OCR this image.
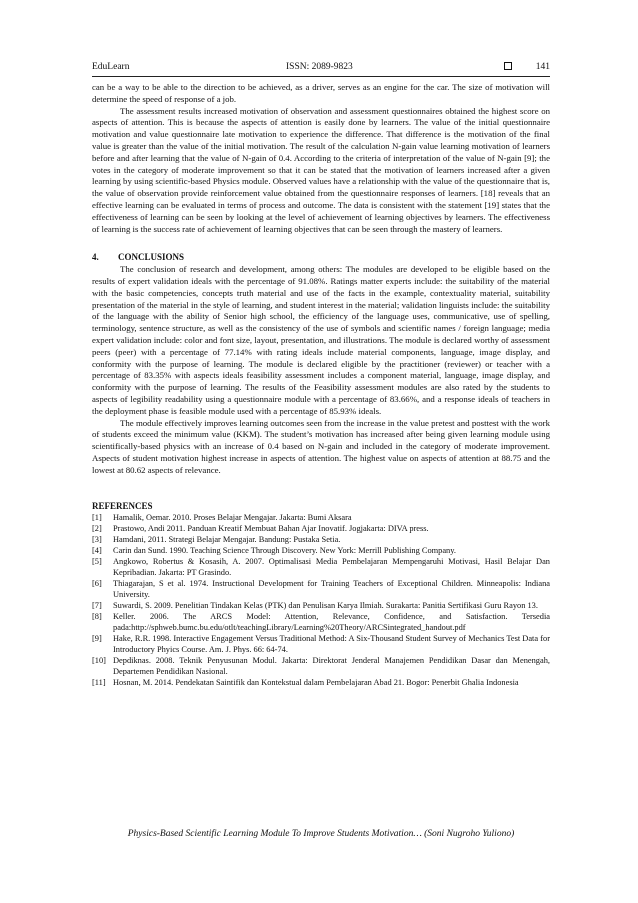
EduLearn	ISSN: 2089-9823	141

can be a way to be able to the direction to be achieved, as a driver, serves as an engine for the car. The size of motivation will determine the speed of response of a job.

The assessment results increased motivation of observation and assessment questionnaires obtained the highest score on aspects of attention. This is because the aspects of attention is easily done by learners. The value of the initial questionnaire motivation and value questionnaire late motivation to experience the difference. That difference is the motivation of the final value is greater than the value of the initial motivation. The result of the calculation N-gain value learning motivation of learners before and after learning that the value of N-gain of 0.4. According to the criteria of interpretation of the value of N-gain [9]; the votes in the category of moderate improvement so that it can be stated that the motivation of learners increased after a given learning by using scientific-based Physics module. Observed values have a relationship with the value of the questionnaire that is, the value of observation provide reinforcement value obtained from the questionnaire responses of learners. [18] reveals that an effective learning can be evaluated in terms of process and outcome. The data is consistent with the statement [19] states that the effectiveness of learning can be seen by looking at the level of achievement of learning objectives by learners. The effectiveness of learning is the success rate of achievement of learning objectives that can be seen through the mastery of learners.

4. CONCLUSIONS

The conclusion of research and development, among others: The modules are developed to be eligible based on the results of expert validation ideals with the percentage of 91.08%. Ratings matter experts include: the suitability of the material with the basic competencies, concepts truth material and use of the facts in the example, contextuality material, suitability presentation of the material in the style of learning, and student interest in the material; validation linguists include: the suitability of the language with the ability of Senior high school, the efficiency of the language uses, communicative, use of spelling, terminology, sentence structure, as well as the consistency of the use of symbols and scientific names / foreign language; media expert validation include: color and font size, layout, presentation, and illustrations. The module is declared worthy of assessment peers (peer) with a percentage of 77.14% with rating ideals include material components, language, image display, and conformity with the purpose of learning. The module is declared eligible by the practitioner (reviewer) or teacher with a percentage of 83.35% with aspects ideals feasibility assessment includes a component material, language, image display, and conformity with the purpose of learning. The results of the Feasibility assessment modules are also rated by the students to aspects of legibility readability using a questionnaire module with a percentage of 83.66%, and a response ideals of teachers in the deployment phase is feasible module used with a percentage of 85.93% ideals.

The module effectively improves learning outcomes seen from the increase in the value pretest and posttest with the work of students exceed the minimum value (KKM). The student’s motivation has increased after being given learning module using scientifically-based physics with an increase of 0.4 based on N-gain and included in the category of moderate improvement. Aspects of student motivation highest increase in aspects of attention. The highest value on aspects of attention at 88.75 and the lowest at 80.62 aspects of relevance.

REFERENCES
[1] Hamalik, Oemar. 2010. Proses Belajar Mengajar. Jakarta: Bumi Aksara
[2] Prastowo, Andi 2011. Panduan Kreatif Membuat Bahan Ajar Inovatif. Jogjakarta: DIVA press.
[3] Hamdani, 2011. Strategi Belajar Mengajar. Bandung: Pustaka Setia.
[4] Carin dan Sund. 1990. Teaching Science Through Discovery. New York: Merrill Publishing Company.
[5] Angkowo, Robertus & Kosasih, A. 2007. Optimalisasi Media Pembelajaran Mempengaruhi Motivasi, Hasil Belajar Dan Kepribadian. Jakarta: PT Grasindo.
[6] Thiagarajan, S et al. 1974. Instructional Development for Training Teachers of Exceptional Children. Minneapolis: Indiana University.
[7] Suwardi, S. 2009. Penelitian Tindakan Kelas (PTK) dan Penulisan Karya Ilmiah. Surakarta: Panitia Sertifikasi Guru Rayon 13.
[8] Keller. 2006. The ARCS Model: Attention, Relevance, Confidence, and Satisfaction. Tersedia pada:http://sphweb.bumc.bu.edu/otlt/teachingLibrary/Learning%20Theory/ARCSintegrated_handout.pdf
[9] Hake, R.R. 1998. Interactive Engagement Versus Traditional Method: A Six-Thousand Student Survey of Mechanics Test Data for Introductory Phyics Course. Am. J. Phys. 66: 64-74.
[10] Depdiknas. 2008. Teknik Penyusunan Modul. Jakarta: Direktorat Jenderal Manajemen Pendidikan Dasar dan Menengah, Departemen Pendidikan Nasional.
[11] Hosnan, M. 2014. Pendekatan Saintifik dan Kontekstual dalam Pembelajaran Abad 21. Bogor: Penerbit Ghalia Indonesia
Physics-Based Scientific Learning Module To Improve Students Motivation… (Soni Nugroho Yuliono)
